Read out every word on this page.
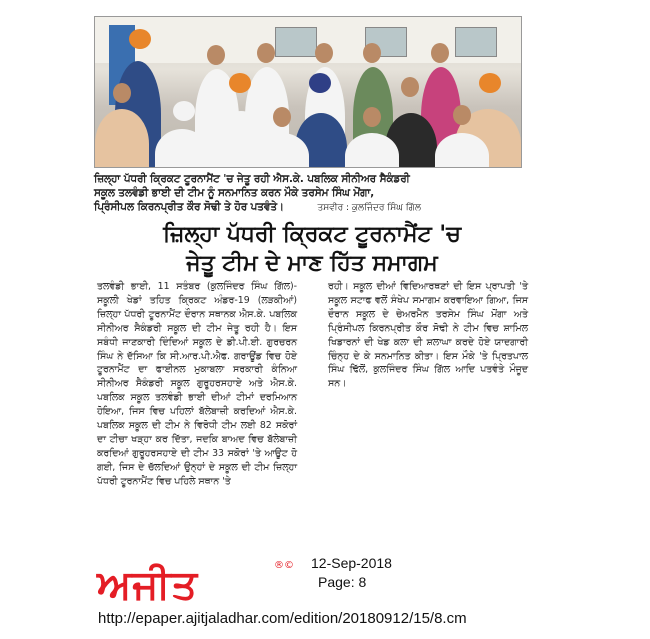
ਜ਼ਿਲ੍ਹਾ ਪੱਧਰੀ ਕ੍ਰਿਕਟ ਟੂਰਨਾਮੈਂਟ 'ਚ ਜੇਤੂ ਰਹੀ ਐਸ.ਕੇ. ਪਬਲਿਕ ਸੀਨੀਅਰ ਸੈਕੰਡਰੀ
ਸਕੂਲ ਤਲਵੰਡੀ ਭਾਈ ਦੀ ਟੀਮ ਨੂੰ ਸਨਮਾਨਿਤ ਕਰਨ ਮੌਕੇ ਤਰਸੇਮ ਸਿੰਘ ਮੋਂਗਾ,
ਪ੍ਰਿੰਸੀਪਲ ਕਿਰਨਪ੍ਰੀਤ ਕੌਰ ਸੋਢੀ ਤੇ ਹੋਰ ਪਤਵੰਤੇ।	ਤਸਵੀਰ : ਕੁਲਜਿੰਦਰ ਸਿੰਘ ਗਿੱਲ
ਜ਼ਿਲ੍ਹਾ ਪੱਧਰੀ ਕ੍ਰਿਕਟ ਟੂਰਨਾਮੈਂਟ 'ਚ
ਜੇਤੂ ਟੀਮ ਦੇ ਮਾਣ ਹਿੱਤ ਸਮਾਗਮ
ਤਲਵੰਡੀ ਭਾਈ, 11 ਸਤੰਬਰ (ਕੁਲਜਿੰਦਰ ਸਿੰਘ ਗਿੱਲ)- ਸਕੂਲੀ ਖੇਡਾਂ ਤਹਿਤ ਕ੍ਰਿਕਟ ਅੰਡਰ-19 (ਲੜਕੀਆਂ) ਜ਼ਿਲ੍ਹਾ ਪੱਧਰੀ ਟੂਰਨਾਮੈਂਟ ਦੌਰਾਨ ਸਥਾਨਕ ਐਸ.ਕੇ. ਪਬਲਿਕ ਸੀਨੀਅਰ ਸੈਕੰਡਰੀ ਸਕੂਲ ਦੀ ਟੀਮ ਜੇਤੂ ਰਹੀ ਹੈ। ਇਸ ਸਬੰਧੀ ਜਾਣਕਾਰੀ ਦਿੰਦਿਆਂ ਸਕੂਲ ਦੇ ਡੀ.ਪੀ.ਈ. ਗੁਰਚਰਨ ਸਿੰਘ ਨੇ ਦੱਸਿਆ ਕਿ ਸੀ.ਆਰ.ਪੀ.ਐਫ. ਗਰਾਊਂਡ ਵਿਚ ਹੋਏ ਟੂਰਨਾਮੈਂਟ ਦਾ ਫਾਈਨਲ ਮੁਕਾਬਲਾ ਸਰਕਾਰੀ ਕੰਨਿਆ ਸੀਨੀਅਰ ਸੈਕੰਡਰੀ ਸਕੂਲ ਗੁਰੂਹਰਸਹਾਏ ਅਤੇ ਐਸ.ਕੇ. ਪਬਲਿਕ ਸਕੂਲ ਤਲਵੰਡੀ ਭਾਈ ਦੀਆਂ ਟੀਮਾਂ ਦਰਮਿਆਨ ਹੋਇਆ, ਜਿਸ ਵਿਚ ਪਹਿਲਾਂ ਬੱਲੇਬਾਜ਼ੀ ਕਰਦਿਆਂ ਐਸ.ਕੇ. ਪਬਲਿਕ ਸਕੂਲ ਦੀ ਟੀਮ ਨੇ ਵਿਰੋਧੀ ਟੀਮ ਲਈ 82 ਸਕੋਰਾਂ ਦਾ ਟੀਚਾ ਖੜ੍ਹਾ ਕਰ ਦਿੱਤਾ, ਜਦਕਿ ਬਾਅਦ ਵਿਚ ਬੱਲੇਬਾਜ਼ੀ ਕਰਦਿਆਂ ਗੁਰੂਹਰਸਹਾਏ ਦੀ ਟੀਮ 33 ਸਕੋਰਾਂ 'ਤੇ ਆਊਟ ਹੋ ਗਈ, ਜਿਸ ਦੇ ਚੱਲਦਿਆਂ ਉਨ੍ਹਾਂ ਦੇ ਸਕੂਲ ਦੀ ਟੀਮ ਜ਼ਿਲ੍ਹਾ ਪੱਧਰੀ ਟੂਰਨਾਮੈਂਟ ਵਿਚ ਪਹਿਲੇ ਸਥਾਨ 'ਤੇ
ਰਹੀ। ਸਕੂਲ ਦੀਆਂ ਵਿਦਿਆਰਥਣਾਂ ਦੀ ਇਸ ਪ੍ਰਾਪਤੀ 'ਤੇ ਸਕੂਲ ਸਟਾਫ ਵਲੋਂ ਸੰਖੇਪ ਸਮਾਗਮ ਕਰਵਾਇਆ ਗਿਆ, ਜਿਸ ਦੌਰਾਨ ਸਕੂਲ ਦੇ ਚੇਅਰਮੈਨ ਤਰਸੇਮ ਸਿੰਘ ਮੋਂਗਾ ਅਤੇ ਪ੍ਰਿੰਸੀਪਲ ਕਿਰਨਪ੍ਰੀਤ ਕੌਰ ਸੋਢੀ ਨੇ ਟੀਮ ਵਿਚ ਸ਼ਾਮਿਲ ਖਿਡਾਰਨਾਂ ਦੀ ਖੇਡ ਕਲਾ ਦੀ ਸ਼ਲਾਘਾ ਕਰਦੇ ਹੋਏ ਯਾਦਗਾਰੀ ਚਿੰਨ੍ਹ ਦੇ ਕੇ ਸਨਮਾਨਿਤ ਕੀਤਾ। ਇਸ ਮੌਕੇ 'ਤੇ ਪ੍ਰਿਤਪਾਲ ਸਿੰਘ ਢਿੱਲੋਂ, ਕੁਲਜਿੰਦਰ ਸਿੰਘ ਗਿੱਲ ਆਦਿ ਪਤਵੰਤੇ ਮੌਜੂਦ ਸਨ।
ਅਜੀਤ	®© 12-Sep-2018
Page: 8
http://epaper.ajitjaladhar.com/edition/20180912/15/8.cm
